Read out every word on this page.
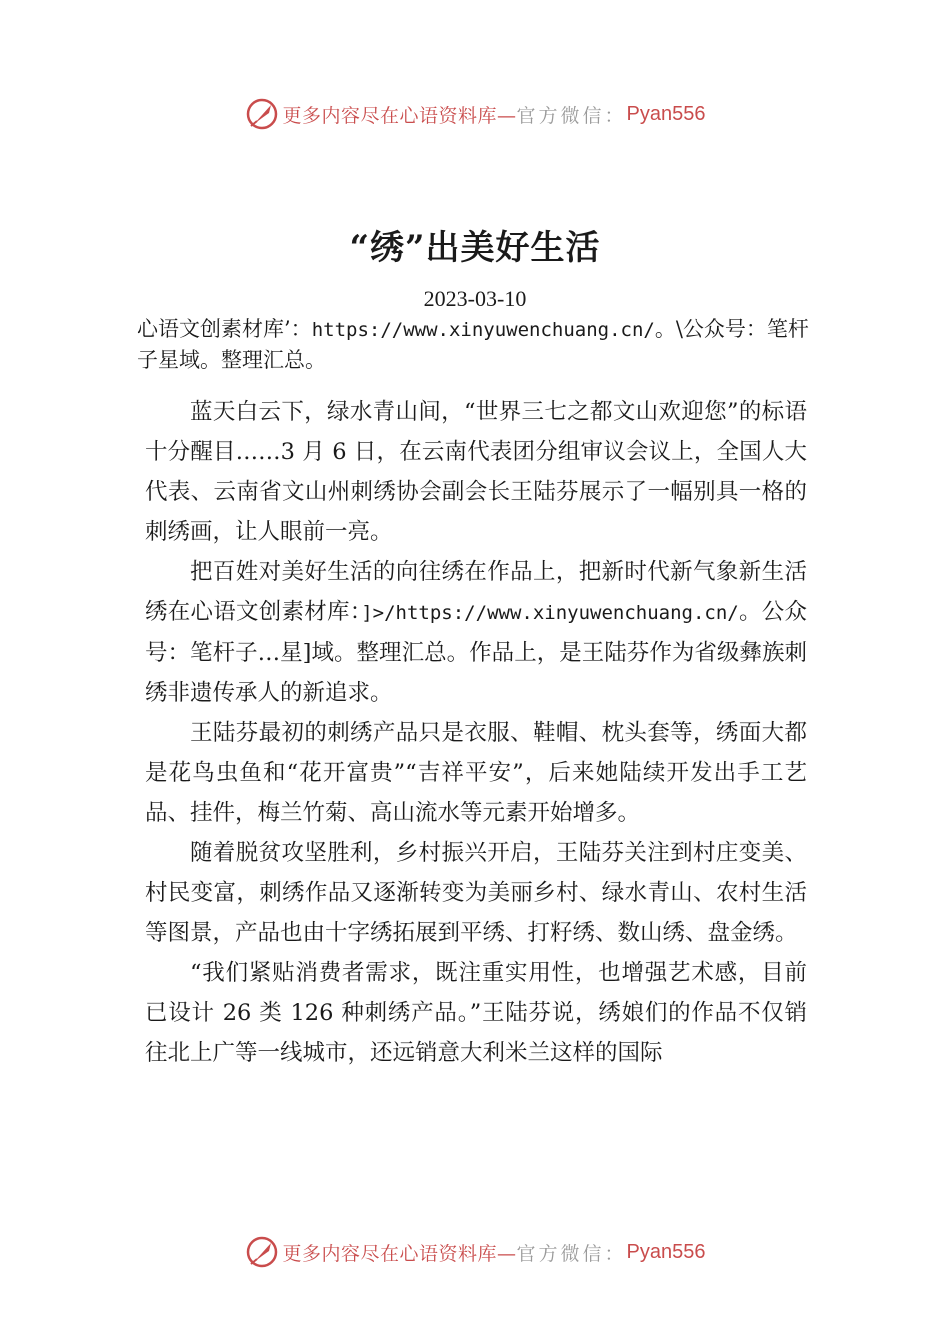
更多内容尽在心语资料库— 官方微信： Pyan556
“绣”出美好生活
2023-03-10
心语文创素材库’：https://www.xinyuwenchuang.cn/。\公众号：笔杆子星域。整理汇总。

蓝天白云下，绿水青山间，“世界三七之都文山欢迎您”的标语十分醒目……3 月 6 日，在云南代表团分组审议会议上，全国人大代表、云南省文山州刺绣协会副会长王陆芬展示了一幅别具一格的刺绣画，让人眼前一亮。

把百姓对美好生活的向往绣在作品上，把新时代新气象新生活绣在心语文创素材库：]>/https://www.xinyuwenchuang.cn/。公众号：笔杆子…星]域。整理汇总。作品上，是王陆芬作为省级彝族刺绣非遗传承人的新追求。

王陆芬最初的刺绣产品只是衣服、鞋帽、枕头套等，绣面大都是花鸟虫鱼和“花开富贵”“吉祥平安”，后来她陆续开发出手工艺品、挂件，梅兰竹菊、高山流水等元素开始增多。

随着脱贫攻坚胜利，乡村振兴开启，王陆芬关注到村庄变美、村民变富，刺绣作品又逐渐转变为美丽乡村、绿水青山、农村生活等图景，产品也由十字绣拓展到平绣、打籽绣、数山绣、盘金绣。

“我们紧贴消费者需求，既注重实用性，也增强艺术感，目前已设计 26 类 126 种刺绣产品。”王陆芬说，绣娘们的作品不仅销往北上广等一线城市，还远销意大利米兰这样的国际

更多内容尽在心语资料库— 官方微信： Pyan556
